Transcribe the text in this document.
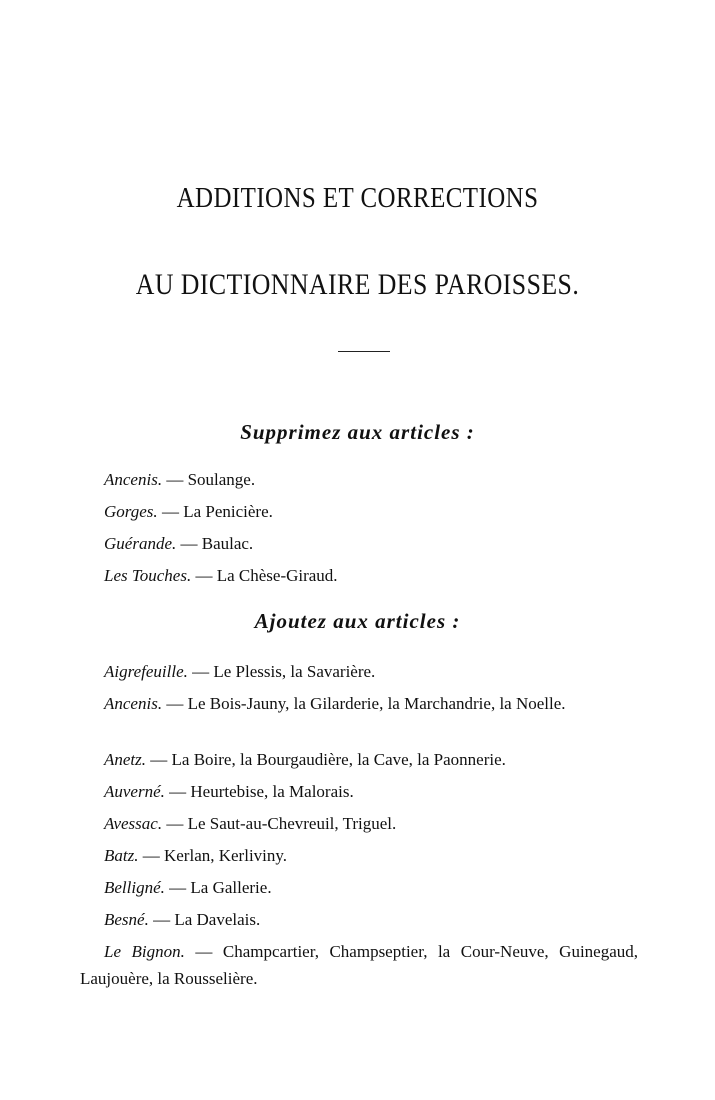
ADDITIONS ET CORRECTIONS
AU DICTIONNAIRE DES PAROISSES.
Supprimez aux articles :

Ancenis. — Soulange.

Gorges. — La Penicière.

Guérande. — Baulac.

Les Touches. — La Chèse-Giraud.

Ajoutez aux articles :

Aigrefeuille. — Le Plessis, la Savarière.

Ancenis. — Le Bois-Jauny, la Gilarderie, la Marchandrie, la Noelle.

Anetz. — La Boire, la Bourgaudière, la Cave, la Paonnerie.

Auverné. — Heurtebise, la Malorais.

Avessac. — Le Saut-au-Chevreuil, Triguel.

Batz. — Kerlan, Kerliviny.

Belligné. — La Gallerie.

Besné. — La Davelais.

Le Bignon. — Champcartier, Champseptier, la Cour-Neuve, Guinegaud, Laujouère, la Rousselière.
